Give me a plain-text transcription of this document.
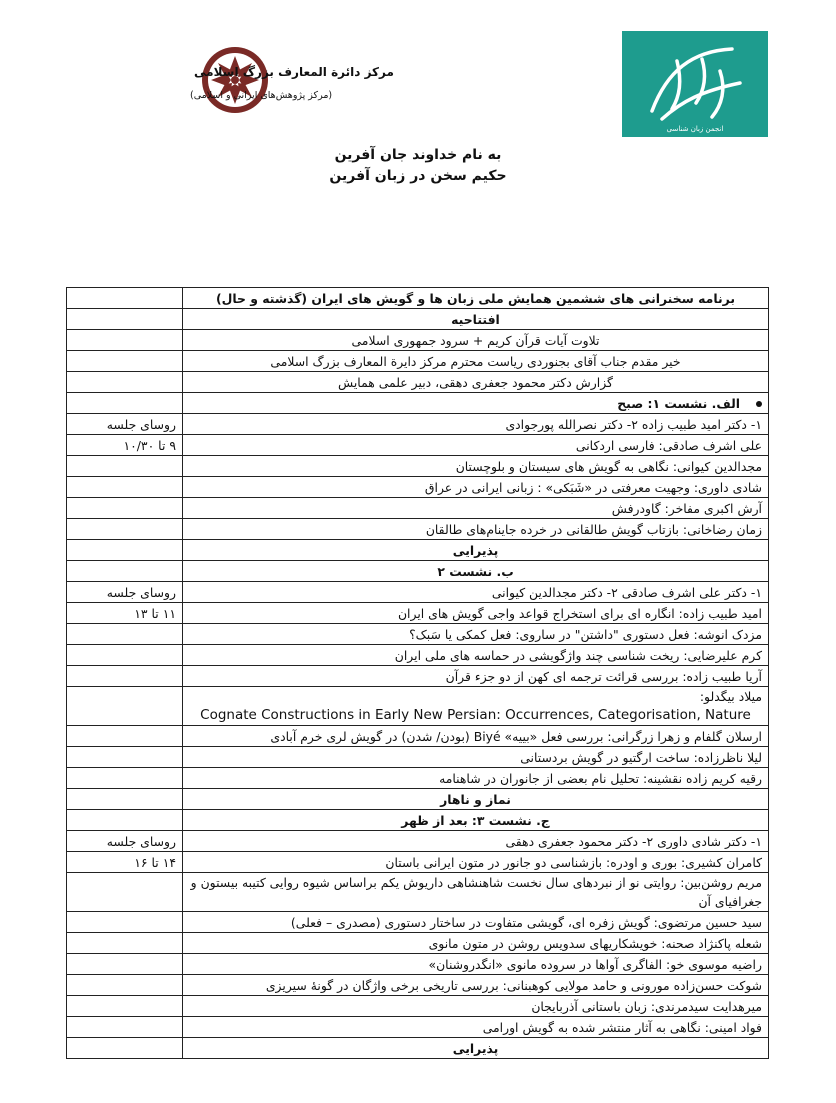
مرکز دائرة المعارف بزرگ اسلامی
(مرکز پژوهش‌های ایرانی و اسلامی)
انجمن زبان شناسی
به نام خداوند جان آفرين
حکیم سخن در زبان آفرين
برنامه سخنرانی های ششمین همایش ملی زبان ها و گویش های ایران (گذشته و حال)	
افتتاحیه	
تلاوت آیات قرآن کریم + سرود جمهوری اسلامی	
خیر مقدم جناب آقای بجنوردی ریاست محترم مرکز دایرة المعارف بزرگ اسلامی	
گزارش دکتر محمود جعفری دهقی، دبیر علمی همایش	
الف. نشست ۱: صبح	
۱- دکتر امید طبیب زاده ۲- دکتر نصرالله پورجوادی	روسای جلسه
علی اشرف صادقی: فارسی اردکانی	۹ تا ۱۰/۳۰
مجدالدین کیوانی: نگاهی به گویش های سیستان و بلوچستان	
شادی داوری: وجهیت معرفتی در «شَبَکی» : زبانی ایرانی در عراق	
آرش اکبری مفاخر: گاودرفش	
زمان رضاخانی: بازتاب گویش طالقانی در خرده جاینام‌های طالقان	
پذیرایی	
ب. نشست ۲	
۱- دکتر علی اشرف صادقی ۲- دکتر مجدالدین کیوانی	روسای جلسه
امید طبیب زاده: انگاره ای برای استخراج قواعد واجی گویش های ایران	۱۱ تا ۱۳
مزدک انوشه: فعل دستوری "داشتن" در ساروی: فعل کمکی یا سَبک؟	
کرم علیرضایی: ریخت شناسی چند واژگویشی در حماسه های ملی ایران	
آریا طبیب زاده: بررسی قرائت ترجمه ای کهن از دو جزء قرآن	

میلاد بیگدلو:
Cognate Constructions in Early New Persian: Occurrences, Categorisation, Nature	

ارسلان گلفام و زهرا زرگرانی: بررسی فعل «بییه» Biyé (بودن/ شدن) در گویش لری خرم آبادی	
لیلا ناظرزاده: ساخت ارگتیو در گویش بردستانی	
رقیه کریم زاده نقشینه: تحلیل نام بعضی از جانوران در شاهنامه	
نماز و ناهار	
ج. نشست ۳: بعد از ظهر	
۱- دکتر شادی داوری ۲- دکتر محمود جعفری دهقی	روسای جلسه
کامران کشیری: بوری و اودره: بازشناسی دو جانور در متون ایرانی باستان	۱۴ تا ۱۶
مریم روشن‌بین: روایتی نو از نبردهای سال نخست شاهنشاهی داریوش یکم براساس شیوه روایی کتیبه بیستون و جغرافیای آن	
سید حسین مرتضوی: گویش زفره ای، گویشی متفاوت در ساختار دستوری (مصدری – فعلی)	
شعله پاکنژاد صحنه: خویشکاریهای سدویس روشن در متون مانوی	
راضیه موسوی خو: الفاگری آواها در سروده مانوی «انگدروشنان»	
شوکت حسن‌زاده مورونی و حامد مولایی کوهبنانی: بررسی تاریخی برخی واژگان در گونهٔ سیریزی	
میرهدایت سیدمرندی: زبان باستانی آذربایجان	
فواد امینی: نگاهی به آثار منتشر شده به گویش اورامی	
پذیرایی	
